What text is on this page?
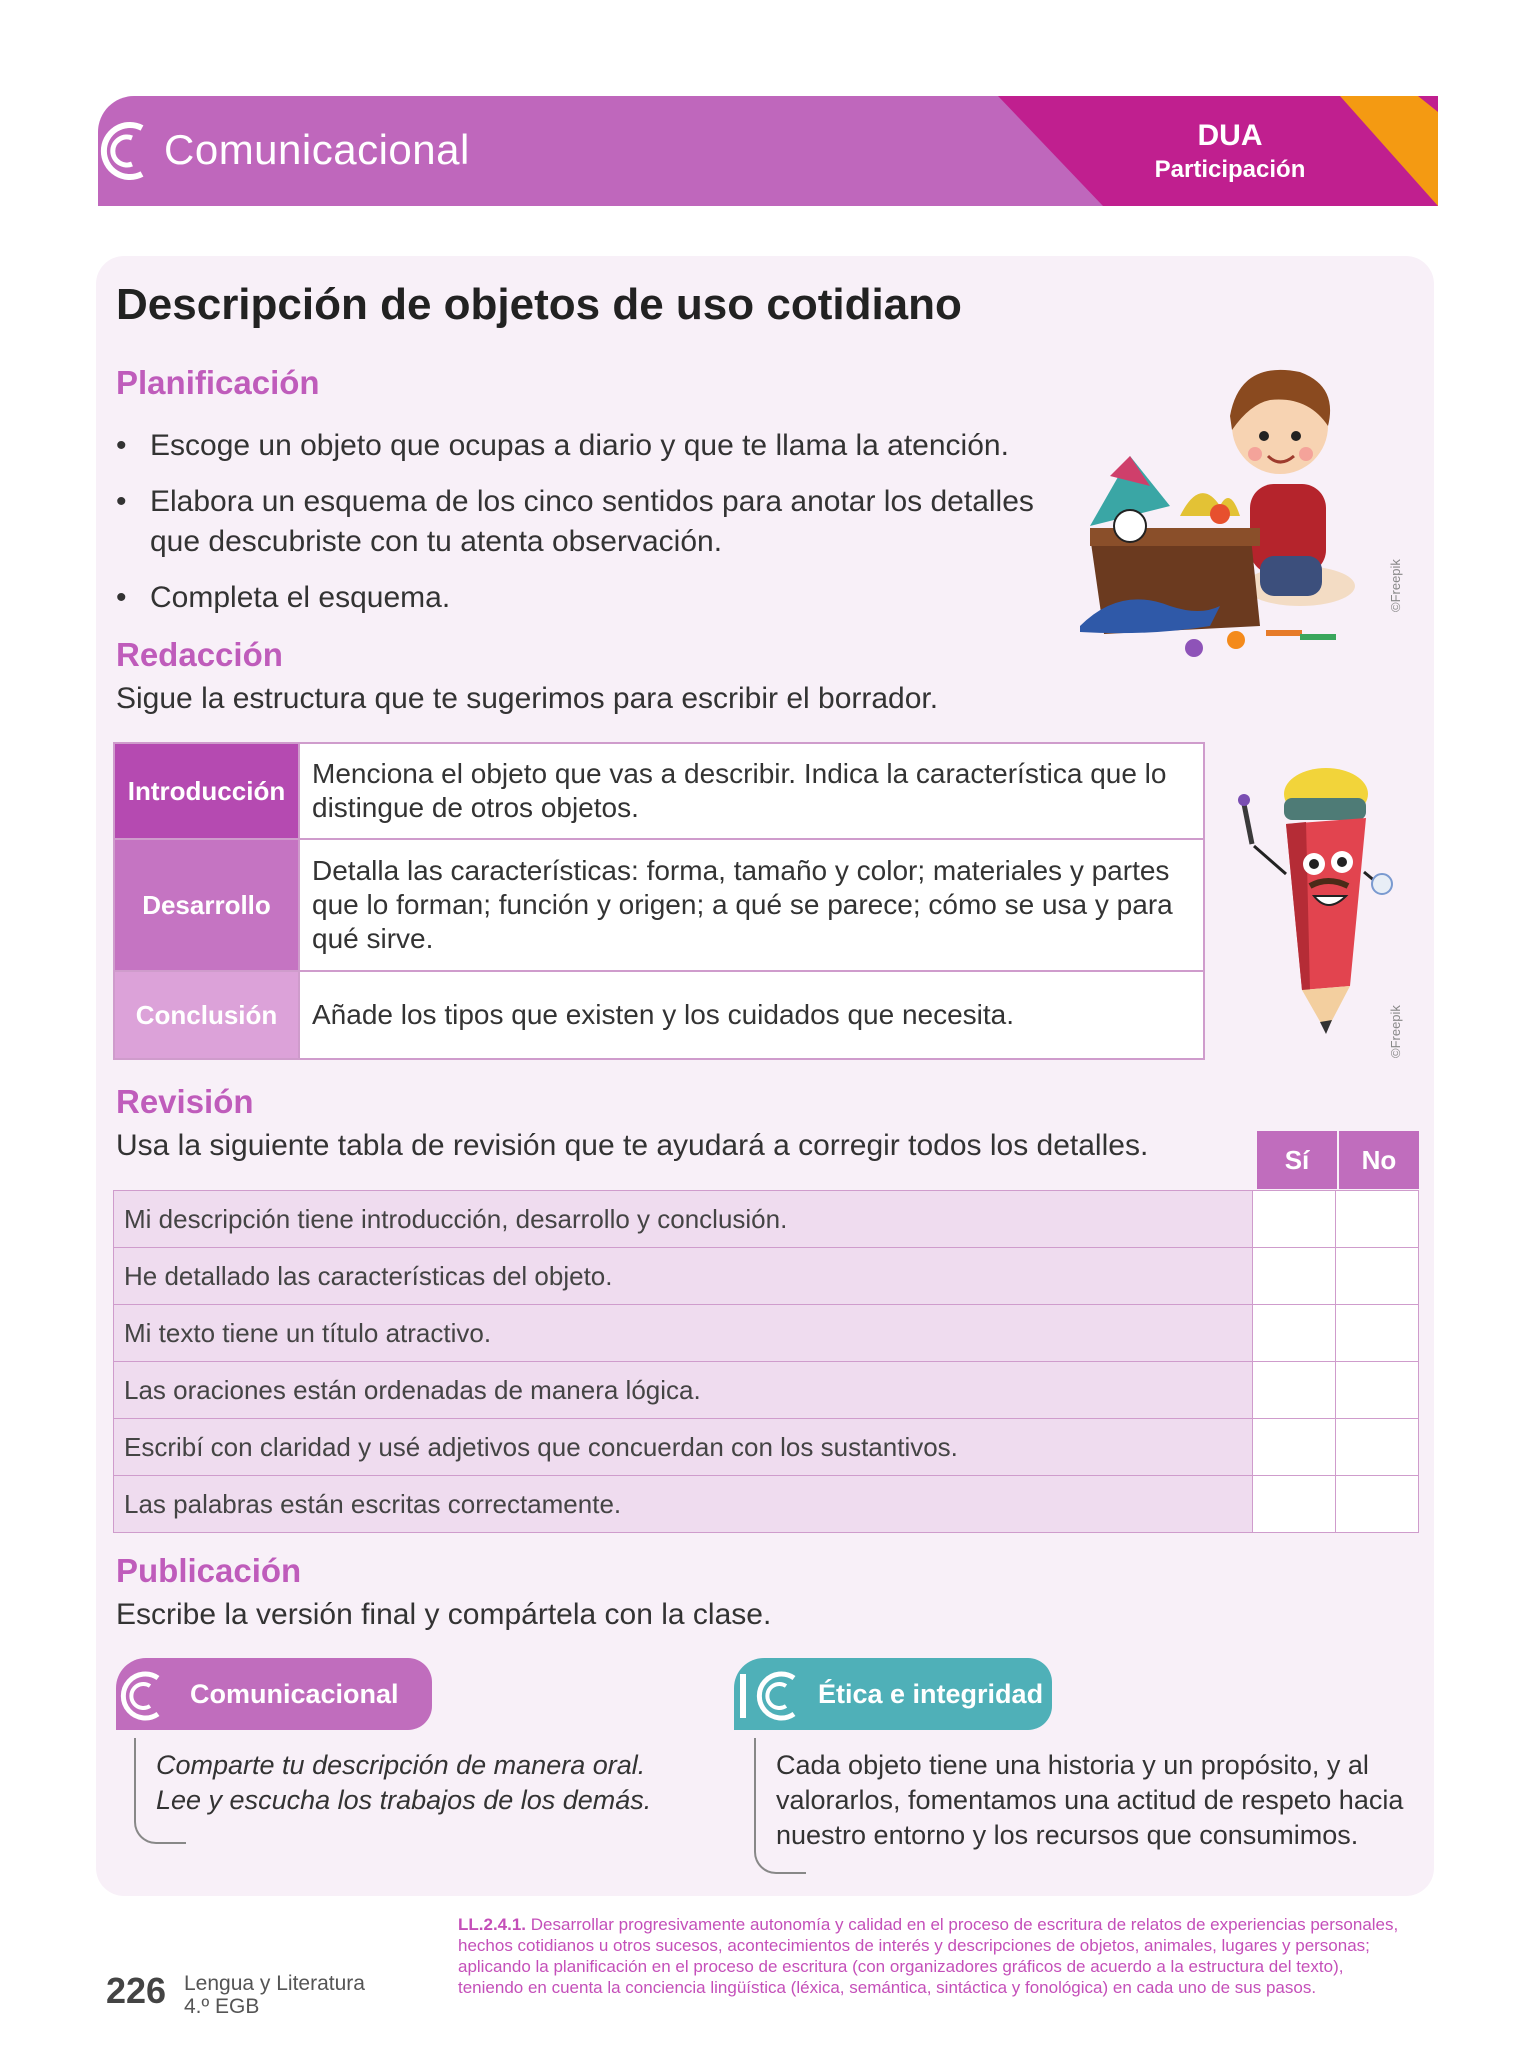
Comunicacional	DUA
Participación
Descripción de objetos de uso cotidiano
Planificación
• Escoge un objeto que ocupas a diario y que te llama la atención.
• Elabora un esquema de los cinco sentidos para anotar los detalles que descubriste con tu atenta observación.
• Completa el esquema.	©Freepik
Redacción
Sigue la estructura que te sugerimos para escribir el borrador.
Introducción	Menciona el objeto que vas a describir. Indica la característica que lo distingue de otros objetos.
Desarrollo	Detalla las características: forma, tamaño y color; materiales y partes que lo forman; función y origen; a qué se parece; cómo se usa y para qué sirve.
Conclusión	Añade los tipos que existen y los cuidados que necesita.	©Freepik
Revisión
Usa la siguiente tabla de revisión que te ayudará a corregir todos los detalles.	Sí	No
Mi descripción tiene introducción, desarrollo y conclusión.		
He detallado las características del objeto.		
Mi texto tiene un título atractivo.		
Las oraciones están ordenadas de manera lógica.		
Escribí con claridad y usé adjetivos que concuerdan con los sustantivos.		
Las palabras están escritas correctamente.		
Publicación
Escribe la versión final y compártela con la clase.
Comunicacional
Comparte tu descripción de manera oral.
Lee y escucha los trabajos de los demás.
Ética e integridad
Cada objeto tiene una historia y un propósito, y al valorarlos, fomentamos una actitud de respeto hacia nuestro entorno y los recursos que consumimos.
226 Lengua y Literatura
4.º EGB
LL.2.4.1. Desarrollar progresivamente autonomía y calidad en el proceso de escritura de relatos de experiencias personales, hechos cotidianos u otros sucesos, acontecimientos de interés y descripciones de objetos, animales, lugares y personas; aplicando la planificación en el proceso de escritura (con organizadores gráficos de acuerdo a la estructura del texto), teniendo en cuenta la conciencia lingüística (léxica, semántica, sintáctica y fonológica) en cada uno de sus pasos.
